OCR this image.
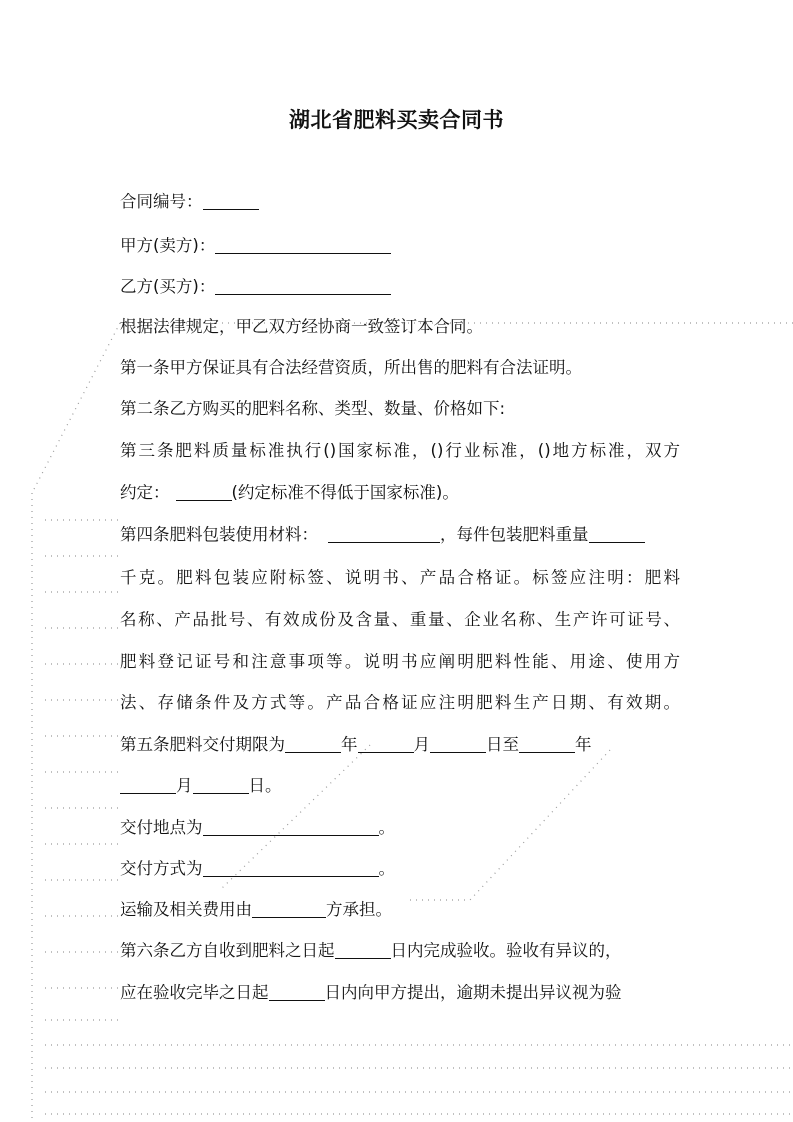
湖北省肥料买卖合同书
合同编号：
甲方(卖方)：
乙方(买方)：
根据法律规定，甲乙双方经协商一致签订本合同。
第一条甲方保证具有合法经营资质，所出售的肥料有合法证明。
第二条乙方购买的肥料名称、类型、数量、价格如下:
第三条肥料质量标准执行()国家标准，()行业标准，()地方标准，双方
约定：	(约定标准不得低于国家标准)。
第四条肥料包装使用材料：	，每件包装肥料重量
千克。肥料包装应附标签、说明书、产品合格证。标签应注明：肥料
名称、产品批号、有效成份及含量、重量、企业名称、生产许可证号、
肥料登记证号和注意事项等。说明书应阐明肥料性能、用途、使用方
法、存储条件及方式等。产品合格证应注明肥料生产日期、有效期。
第五条肥料交付期限为	年	月	日至	年
月	日。
交付地点为	。
交付方式为	。
运输及相关费用由	方承担。
第六条乙方自收到肥料之日起	日内完成验收。验收有异议的，
应在验收完毕之日起	日内向甲方提出，逾期未提出异议视为验
